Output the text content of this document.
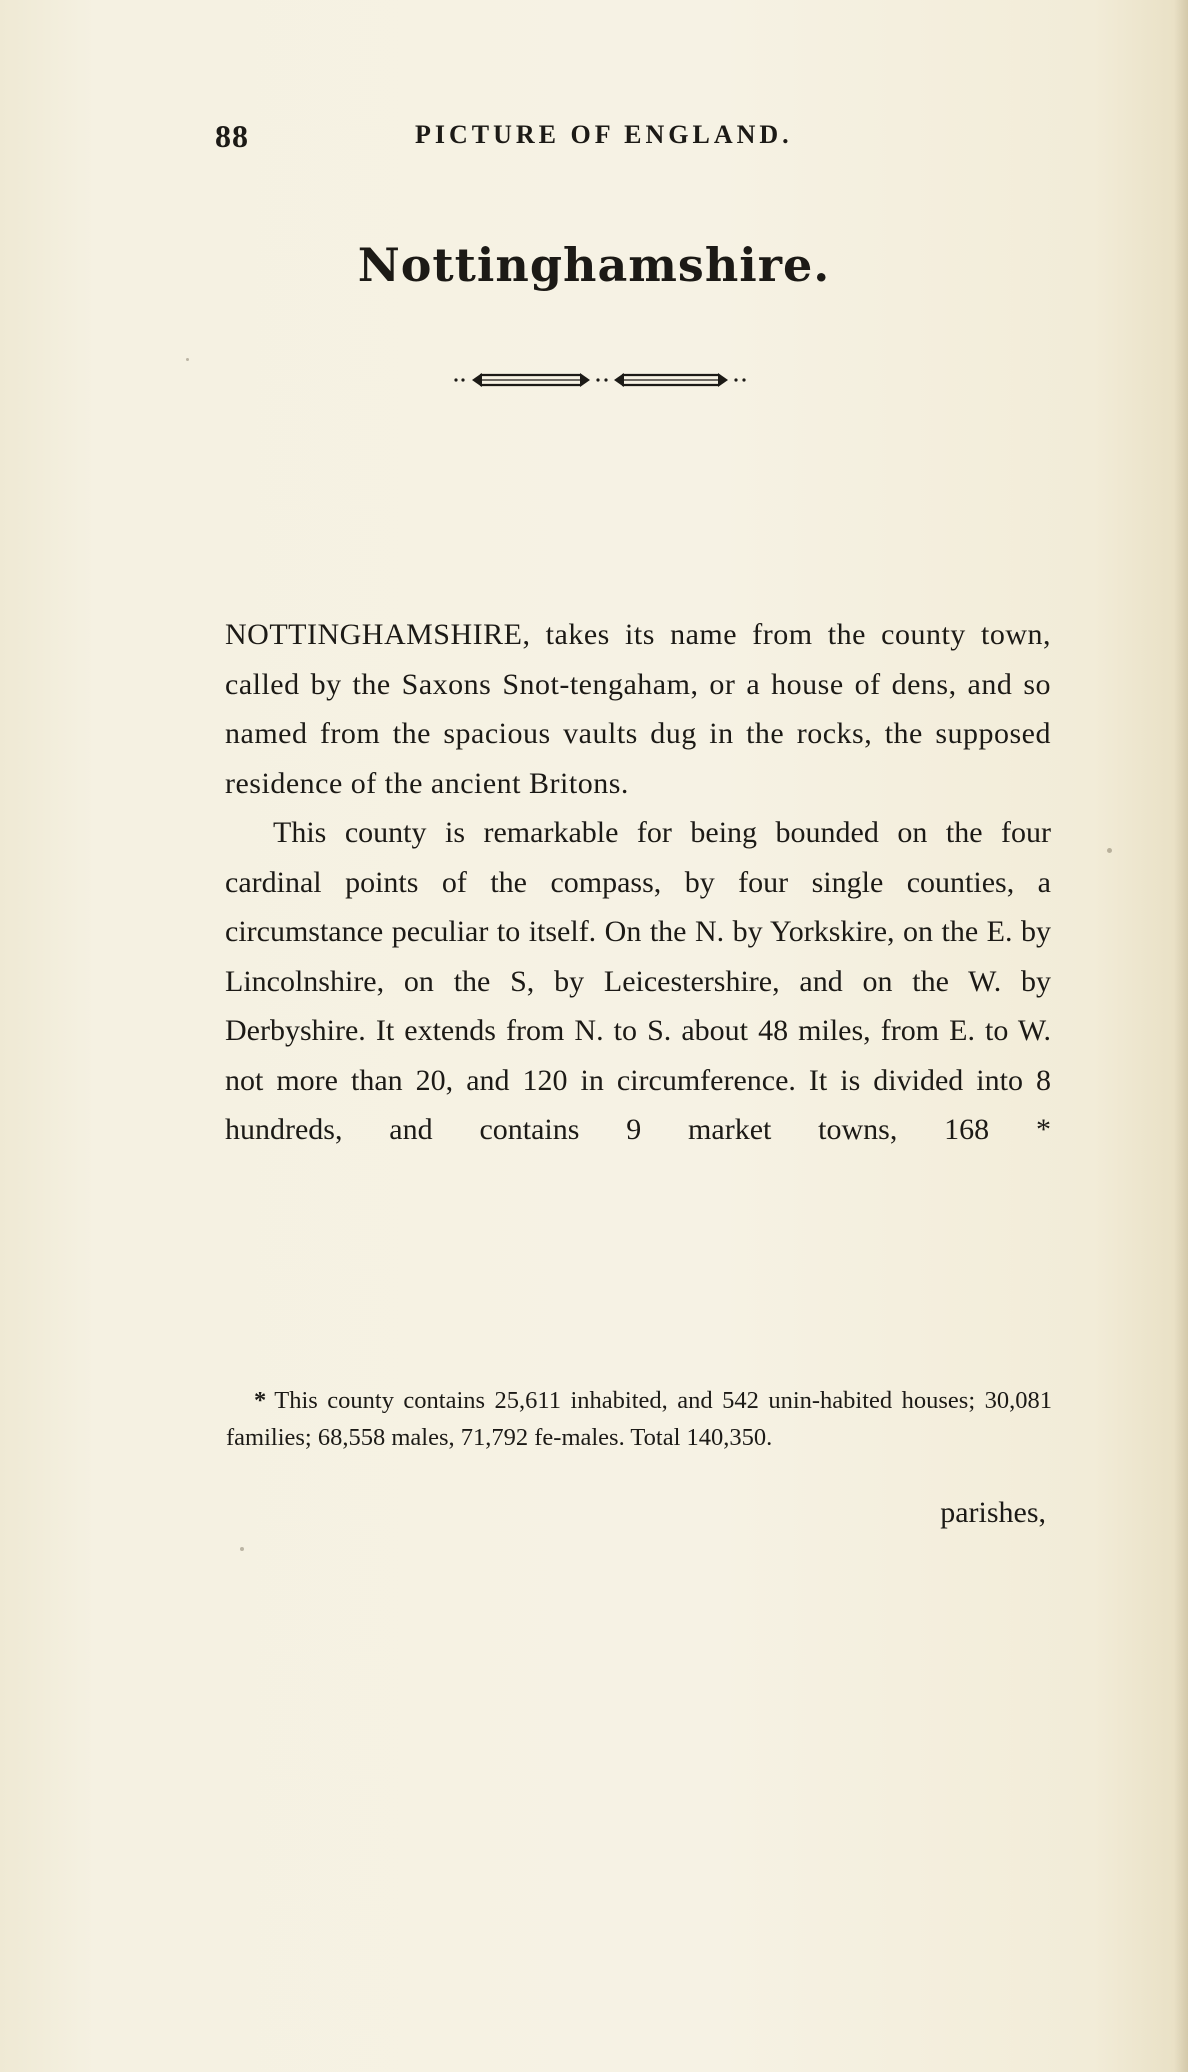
88	PICTURE OF ENGLAND.
Nottinghamshire.

NOTTINGHAMSHIRE, takes its name from the county town, called by the Saxons Snot-tengaham, or a house of dens, and so named from the spacious vaults dug in the rocks, the supposed residence of the ancient Britons.

This county is remarkable for being bounded on the four cardinal points of the compass, by four single counties, a circumstance peculiar to itself. On the N. by Yorkskire, on the E. by Lincolnshire, on the S, by Leicestershire, and on the W. by Derbyshire. It extends from N. to S. about 48 miles, from E. to W. not more than 20, and 120 in circumference. It is divided into 8 hundreds, and contains 9 market towns, 168 *

* This county contains 25,611 inhabited, and 542 unin-habited houses; 30,081 families; 68,558 males, 71,792 fe-males. Total 140,350.
parishes,
